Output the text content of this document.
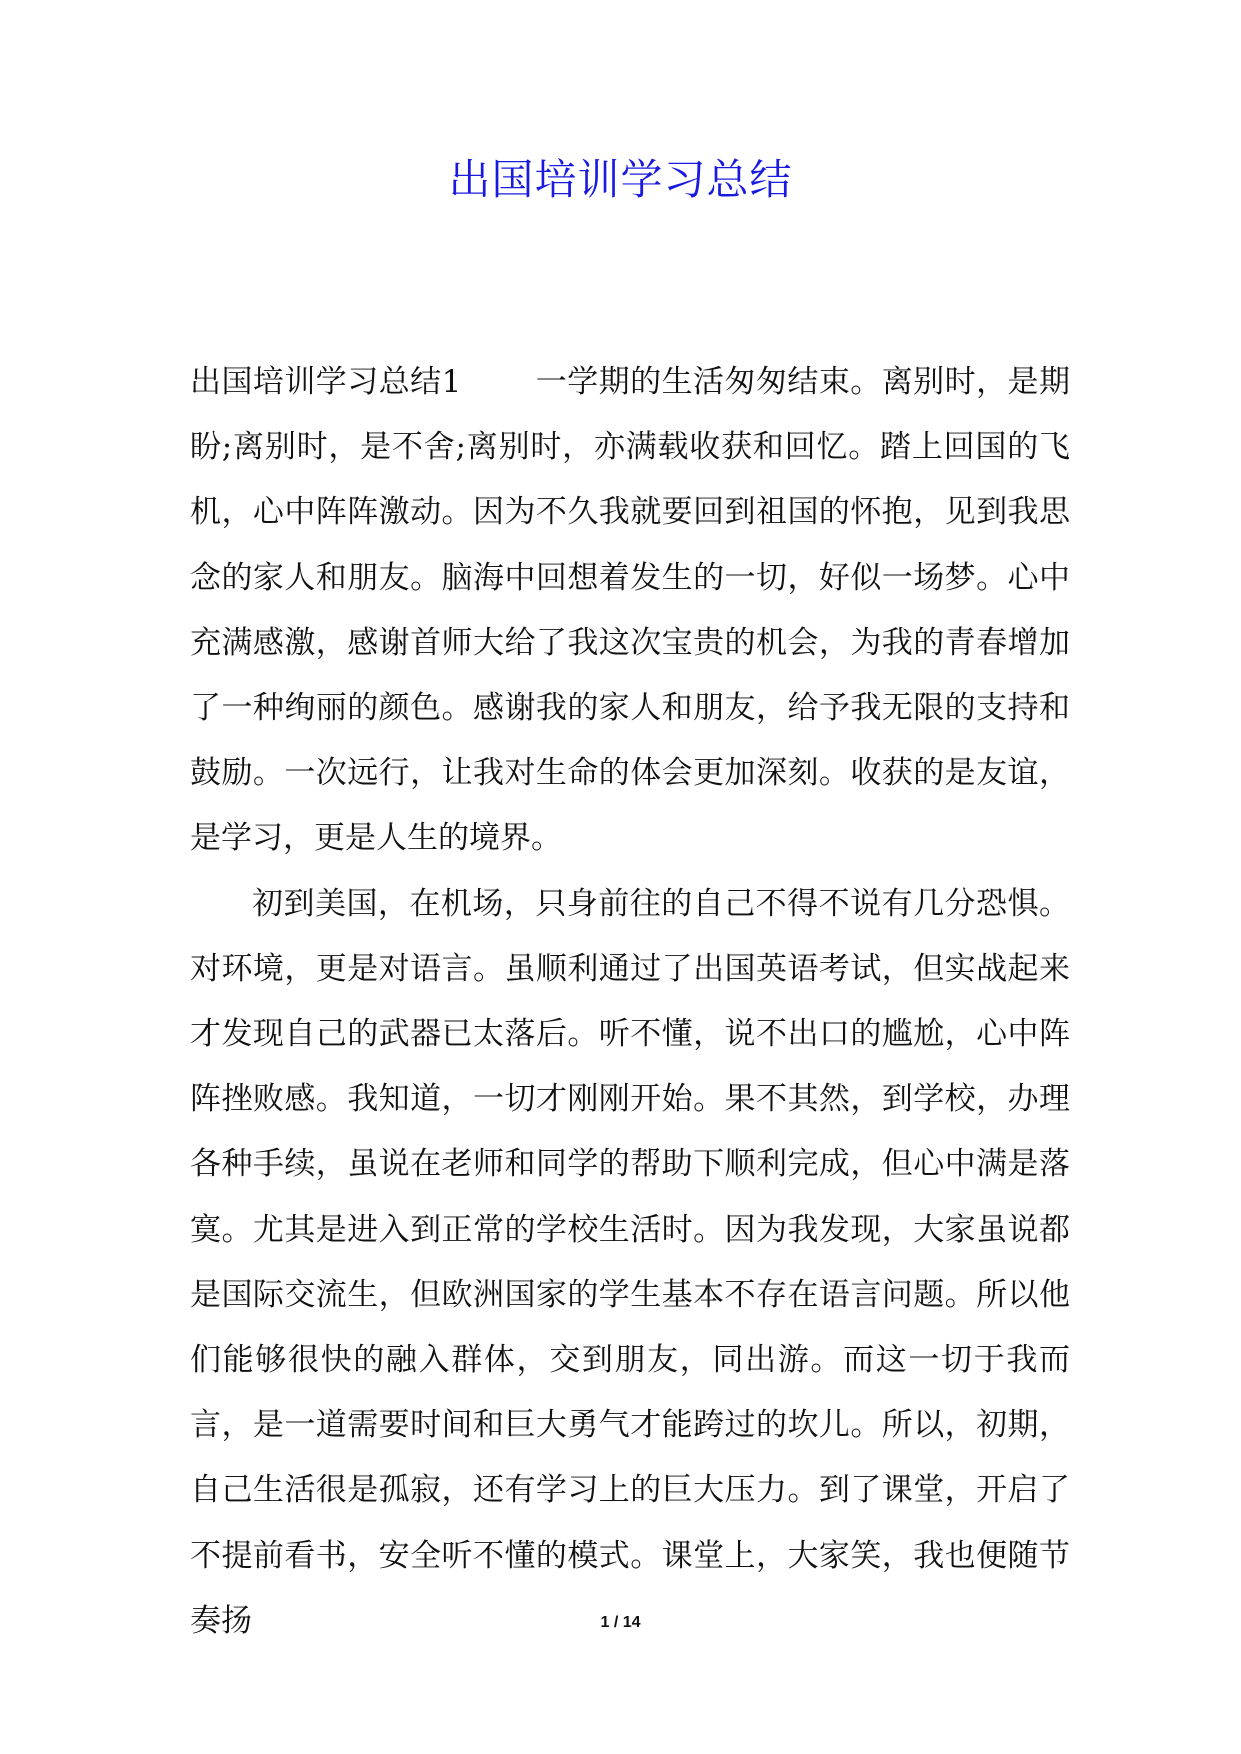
出国培训学习总结

出国培训学习总结1 一学期的生活匆匆结束。离别时，是期盼;离别时，是不舍;离别时，亦满载收获和回忆。踏上回国的飞机，心中阵阵激动。因为不久我就要回到祖国的怀抱，见到我思念的家人和朋友。脑海中回想着发生的一切，好似一场梦。心中充满感激，感谢首师大给了我这次宝贵的机会，为我的青春增加了一种绚丽的颜色。感谢我的家人和朋友，给予我无限的支持和鼓励。一次远行，让我对生命的体会更加深刻。收获的是友谊，是学习，更是人生的境界。

初到美国，在机场，只身前往的自己不得不说有几分恐惧。对环境，更是对语言。虽顺利通过了出国英语考试，但实战起来才发现自己的武器已太落后。听不懂，说不出口的尴尬，心中阵阵挫败感。我知道，一切才刚刚开始。果不其然，到学校，办理各种手续，虽说在老师和同学的帮助下顺利完成，但心中满是落寞。尤其是进入到正常的学校生活时。因为我发现，大家虽说都是国际交流生，但欧洲国家的学生基本不存在语言问题。所以他们能够很快的融入群体，交到朋友，同出游。而这一切于我而言，是一道需要时间和巨大勇气才能跨过的坎儿。所以，初期，自己生活很是孤寂，还有学习上的巨大压力。到了课堂，开启了不提前看书，安全听不懂的模式。课堂上，大家笑，我也便随节奏扬	1 / 14
